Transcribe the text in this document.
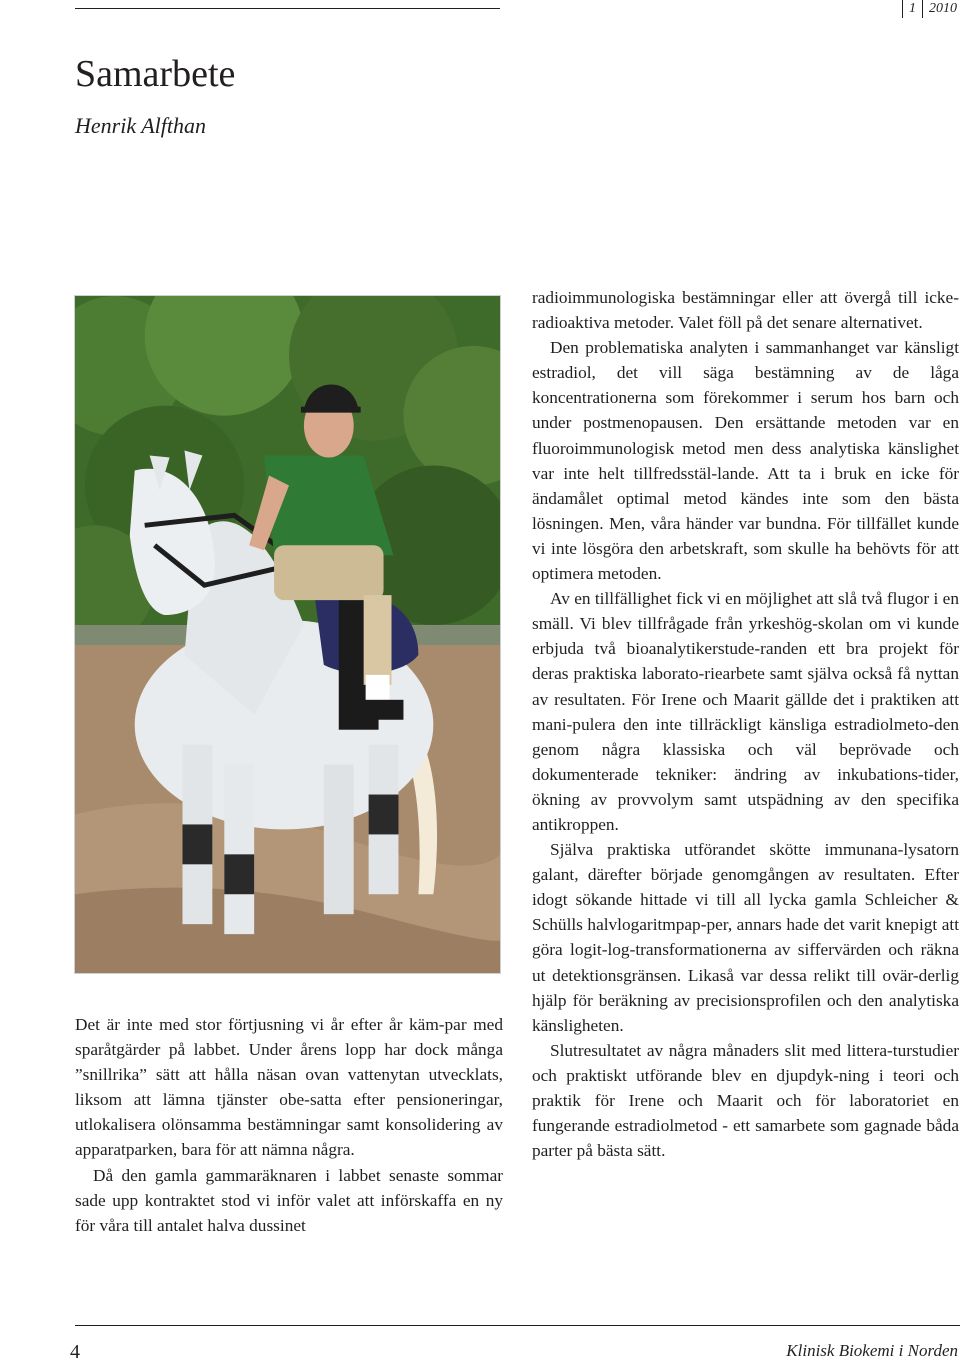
1 2010
Samarbete

Henrik Alfthan

Det är inte med stor förtjusning vi år efter år käm-par med sparåtgärder på labbet. Under årens lopp har dock många ”snillrika” sätt att hålla näsan ovan vattenytan utvecklats, liksom att lämna tjänster obe-satta efter pensioneringar, utlokalisera olönsamma bestämningar samt konsolidering av apparatparken, bara för att nämna några.

Då den gamla gammaräknaren i labbet senaste sommar sade upp kontraktet stod vi inför valet att införskaffa en ny för våra till antalet halva dussinet

radioimmunologiska bestämningar eller att övergå till icke-radioaktiva metoder. Valet föll på det senare alternativet.

Den problematiska analyten i sammanhanget var känsligt estradiol, det vill säga bestämning av de låga koncentrationerna som förekommer i serum hos barn och under postmenopausen. Den ersättande metoden var en fluoroimmunologisk metod men dess analytiska känslighet var inte helt tillfredsstäl-lande. Att ta i bruk en icke för ändamålet optimal metod kändes inte som den bästa lösningen. Men, våra händer var bundna. För tillfället kunde vi inte lösgöra den arbetskraft, som skulle ha behövts för att optimera metoden.

Av en tillfällighet fick vi en möjlighet att slå två flugor i en smäll. Vi blev tillfrågade från yrkeshög-skolan om vi kunde erbjuda två bioanalytikerstude-randen ett bra projekt för deras praktiska laborato-riearbete samt själva också få nyttan av resultaten. För Irene och Maarit gällde det i praktiken att mani-pulera den inte tillräckligt känsliga estradiolmeto-den genom några klassiska och väl beprövade och dokumenterade tekniker: ändring av inkubations-tider, ökning av provvolym samt utspädning av den specifika antikroppen.

Själva praktiska utförandet skötte immunana-lysatorn galant, därefter började genomgången av resultaten. Efter idogt sökande hittade vi till all lycka gamla Schleicher & Schülls halvlogaritmpap-per, annars hade det varit knepigt att göra logit-log-transformationerna av siffervärden och räkna ut detektionsgränsen. Likaså var dessa relikt till ovär-derlig hjälp för beräkning av precisionsprofilen och den analytiska känsligheten.

Slutresultatet av några månaders slit med littera-turstudier och praktiskt utförande blev en djupdyk-ning i teori och praktik för Irene och Maarit och för laboratoriet en fungerande estradiolmetod - ett samarbete som gagnade båda parter på bästa sätt.

4	Klinisk Biokemi i Norden
